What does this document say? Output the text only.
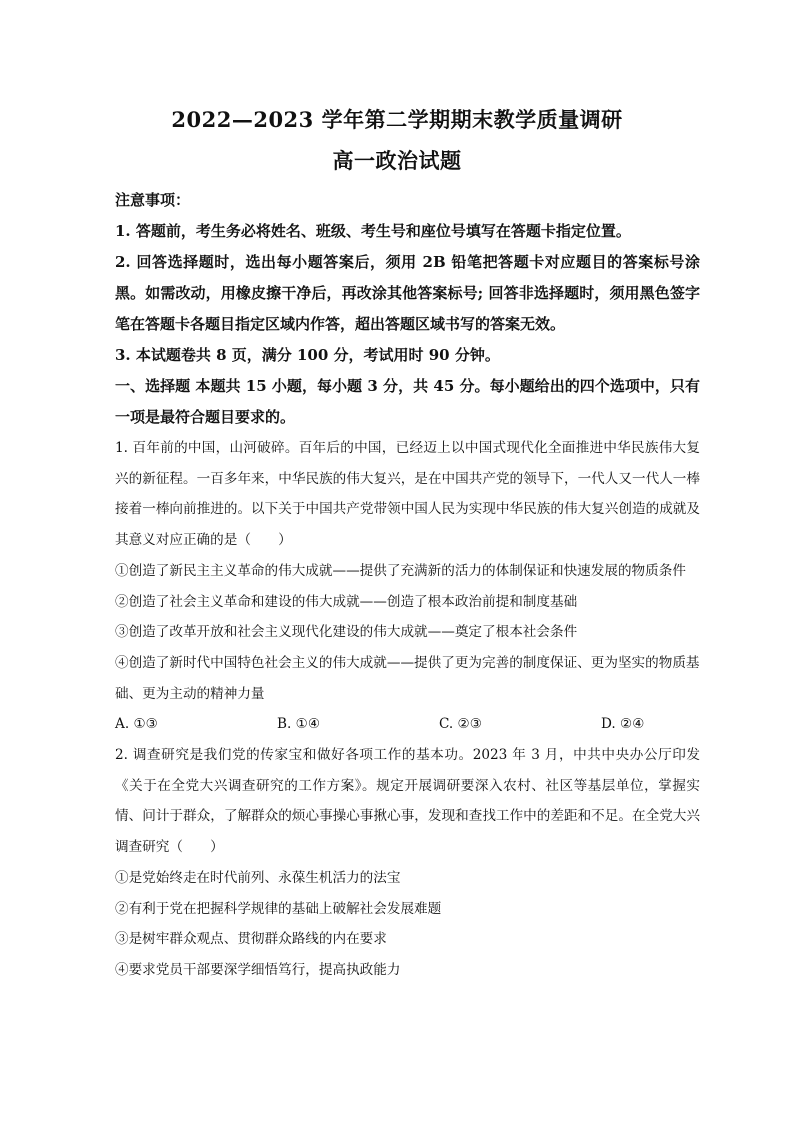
2022—2023 学年第二学期期末教学质量调研
高一政治试题

注意事项：

1. 答题前，考生务必将姓名、班级、考生号和座位号填写在答题卡指定位置。

2. 回答选择题时，选出每小题答案后，须用 2B 铅笔把答题卡对应题目的答案标号涂黑。如需改动，用橡皮擦干净后，再改涂其他答案标号; 回答非选择题时，须用黑色签字笔在答题卡各题目指定区域内作答，超出答题区域书写的答案无效。

3. 本试题卷共 8 页，满分 100 分，考试用时 90 分钟。

一、选择题 本题共 15 小题，每小题 3 分，共 45 分。每小题给出的四个选项中，只有一项是最符合题目要求的。

1. 百年前的中国，山河破碎。百年后的中国，已经迈上以中国式现代化全面推进中华民族伟大复兴的新征程。一百多年来，中华民族的伟大复兴，是在中国共产党的领导下，一代人又一代人一棒接着一棒向前推进的。以下关于中国共产党带领中国人民为实现中华民族的伟大复兴创造的成就及其意义对应正确的是（　　）

①创造了新民主主义革命的伟大成就——提供了充满新的活力的体制保证和快速发展的物质条件

②创造了社会主义革命和建设的伟大成就——创造了根本政治前提和制度基础

③创造了改革开放和社会主义现代化建设的伟大成就——奠定了根本社会条件

④创造了新时代中国特色社会主义的伟大成就——提供了更为完善的制度保证、更为坚实的物质基础、更为主动的精神力量

A. ①③	B. ①④	C. ②③	D. ②④

2. 调查研究是我们党的传家宝和做好各项工作的基本功。2023 年 3 月，中共中央办公厅印发《关于在全党大兴调查研究的工作方案》。规定开展调研要深入农村、社区等基层单位，掌握实情、问计于群众，了解群众的烦心事操心事揪心事，发现和查找工作中的差距和不足。在全党大兴调查研究（　　）

①是党始终走在时代前列、永葆生机活力的法宝

②有利于党在把握科学规律的基础上破解社会发展难题

③是树牢群众观点、贯彻群众路线的内在要求

④要求党员干部要深学细悟笃行，提高执政能力
